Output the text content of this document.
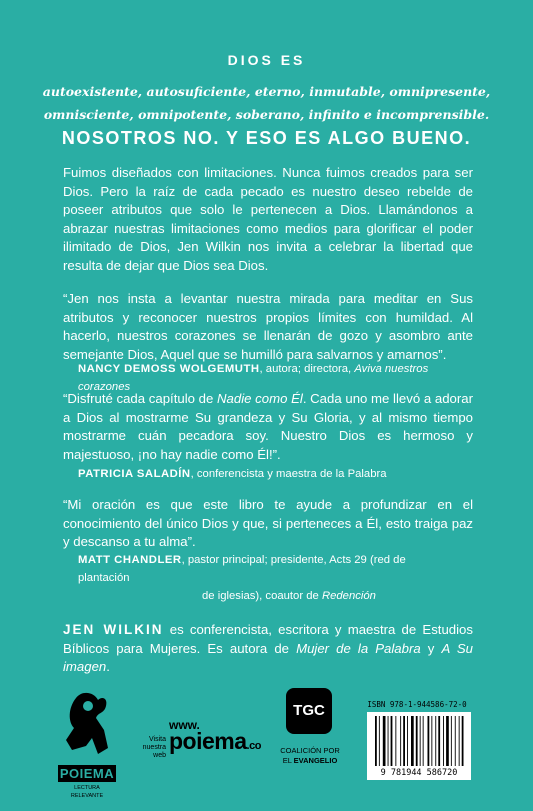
DIOS ES
autoexistente, autosuficiente, eterno, inmutable, omnipresente,
omnisciente, omnipotente, soberano, infinito e incomprensible.
NOSOTROS NO. Y ESO ES ALGO BUENO.
Fuimos diseñados con limitaciones. Nunca fuimos creados para ser Dios. Pero la raíz de cada pecado es nuestro deseo rebelde de poseer atributos que solo le pertenecen a Dios. Llamándonos a abrazar nuestras limitaciones como medios para glorificar el poder ilimitado de Dios, Jen Wilkin nos invita a celebrar la libertad que resulta de dejar que Dios sea Dios.
“Jen nos insta a levantar nuestra mirada para meditar en Sus atributos y reconocer nuestros propios límites con humildad. Al hacerlo, nuestros corazones se llenarán de gozo y asombro ante semejante Dios, Aquel que se humilló para salvarnos y amarnos”.
NANCY DEMOSS WOLGEMUTH, autora; directora, Aviva nuestros corazones
“Disfruté cada capítulo de Nadie como Él. Cada uno me llevó a adorar a Dios al mostrarme Su grandeza y Su Gloria, y al mismo tiempo mostrarme cuán pecadora soy. Nuestro Dios es hermoso y majestuoso, ¡no hay nadie como Él!”.
PATRICIA SALADÍN, conferencista y maestra de la Palabra
“Mi oración es que este libro te ayude a profundizar en el conocimiento del único Dios y que, si perteneces a Él, esto traiga paz y descanso a tu alma”.
MATT CHANDLER, pastor principal; presidente, Acts 29 (red de plantación
de iglesias), coautor de Redención
JEN WILKIN es conferencista, escritora y maestra de Estudios Bíblicos para Mujeres. Es autora de Mujer de la Palabra y A Su imagen.
POIEMA
LECTURA RELEVANTE
Visita
nuestra web
www.
poiema.co
TGC
COALICIÓN POR
EL EVANGELIO
ISBN 978-1-944586-72-0
9 781944 586720
